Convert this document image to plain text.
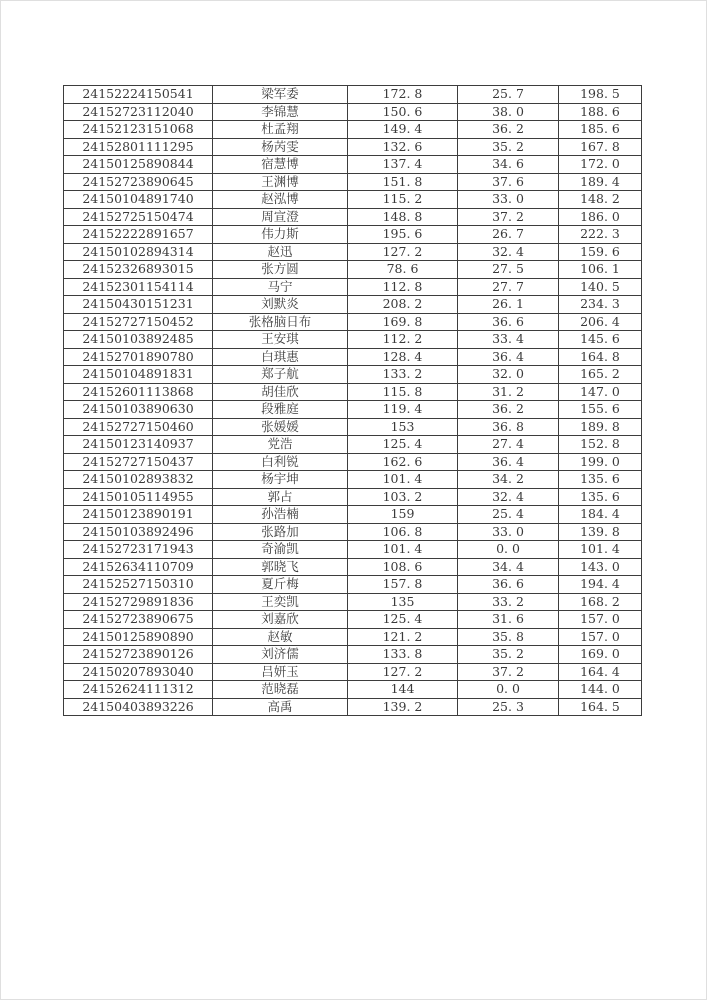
24152224150541	梁军委	172. 8	25. 7	198. 5
24152723112040	李锦慧	150. 6	38. 0	188. 6
24152123151068	杜孟翔	149. 4	36. 2	185. 6
24152801111295	杨芮雯	132. 6	35. 2	167. 8
24150125890844	宿慧博	137. 4	34. 6	172. 0
24152723890645	王渊博	151. 8	37. 6	189. 4
24150104891740	赵泓博	115. 2	33. 0	148. 2
24152725150474	周宣澄	148. 8	37. 2	186. 0
24152222891657	伟力斯	195. 6	26. 7	222. 3
24150102894314	赵迅	127. 2	32. 4	159. 6
24152326893015	张方圆	78. 6	27. 5	106. 1
24152301154114	马宁	112. 8	27. 7	140. 5
24150430151231	刘默炎	208. 2	26. 1	234. 3
24152727150452	张格脑日布	169. 8	36. 6	206. 4
24150103892485	王安琪	112. 2	33. 4	145. 6
24152701890780	白琪惠	128. 4	36. 4	164. 8
24150104891831	郑子航	133. 2	32. 0	165. 2
24152601113868	胡佳欣	115. 8	31. 2	147. 0
24150103890630	段雅庭	119. 4	36. 2	155. 6
24152727150460	张媛媛	153	36. 8	189. 8
24150123140937	党浩	125. 4	27. 4	152. 8
24152727150437	白利锐	162. 6	36. 4	199. 0
24150102893832	杨宇坤	101. 4	34. 2	135. 6
24150105114955	郭占	103. 2	32. 4	135. 6
24150123890191	孙浩楠	159	25. 4	184. 4
24150103892496	张路加	106. 8	33. 0	139. 8
24152723171943	奇渝凯	101. 4	0. 0	101. 4
24152634110709	郭晓飞	108. 6	34. 4	143. 0
24152527150310	夏斤梅	157. 8	36. 6	194. 4
24152729891836	王奕凯	135	33. 2	168. 2
24152723890675	刘嘉欣	125. 4	31. 6	157. 0
24150125890890	赵敏	121. 2	35. 8	157. 0
24152723890126	刘济儒	133. 8	35. 2	169. 0
24150207893040	吕妍玉	127. 2	37. 2	164. 4
24152624111312	范晓磊	144	0. 0	144. 0
24150403893226	高禹	139. 2	25. 3	164. 5
